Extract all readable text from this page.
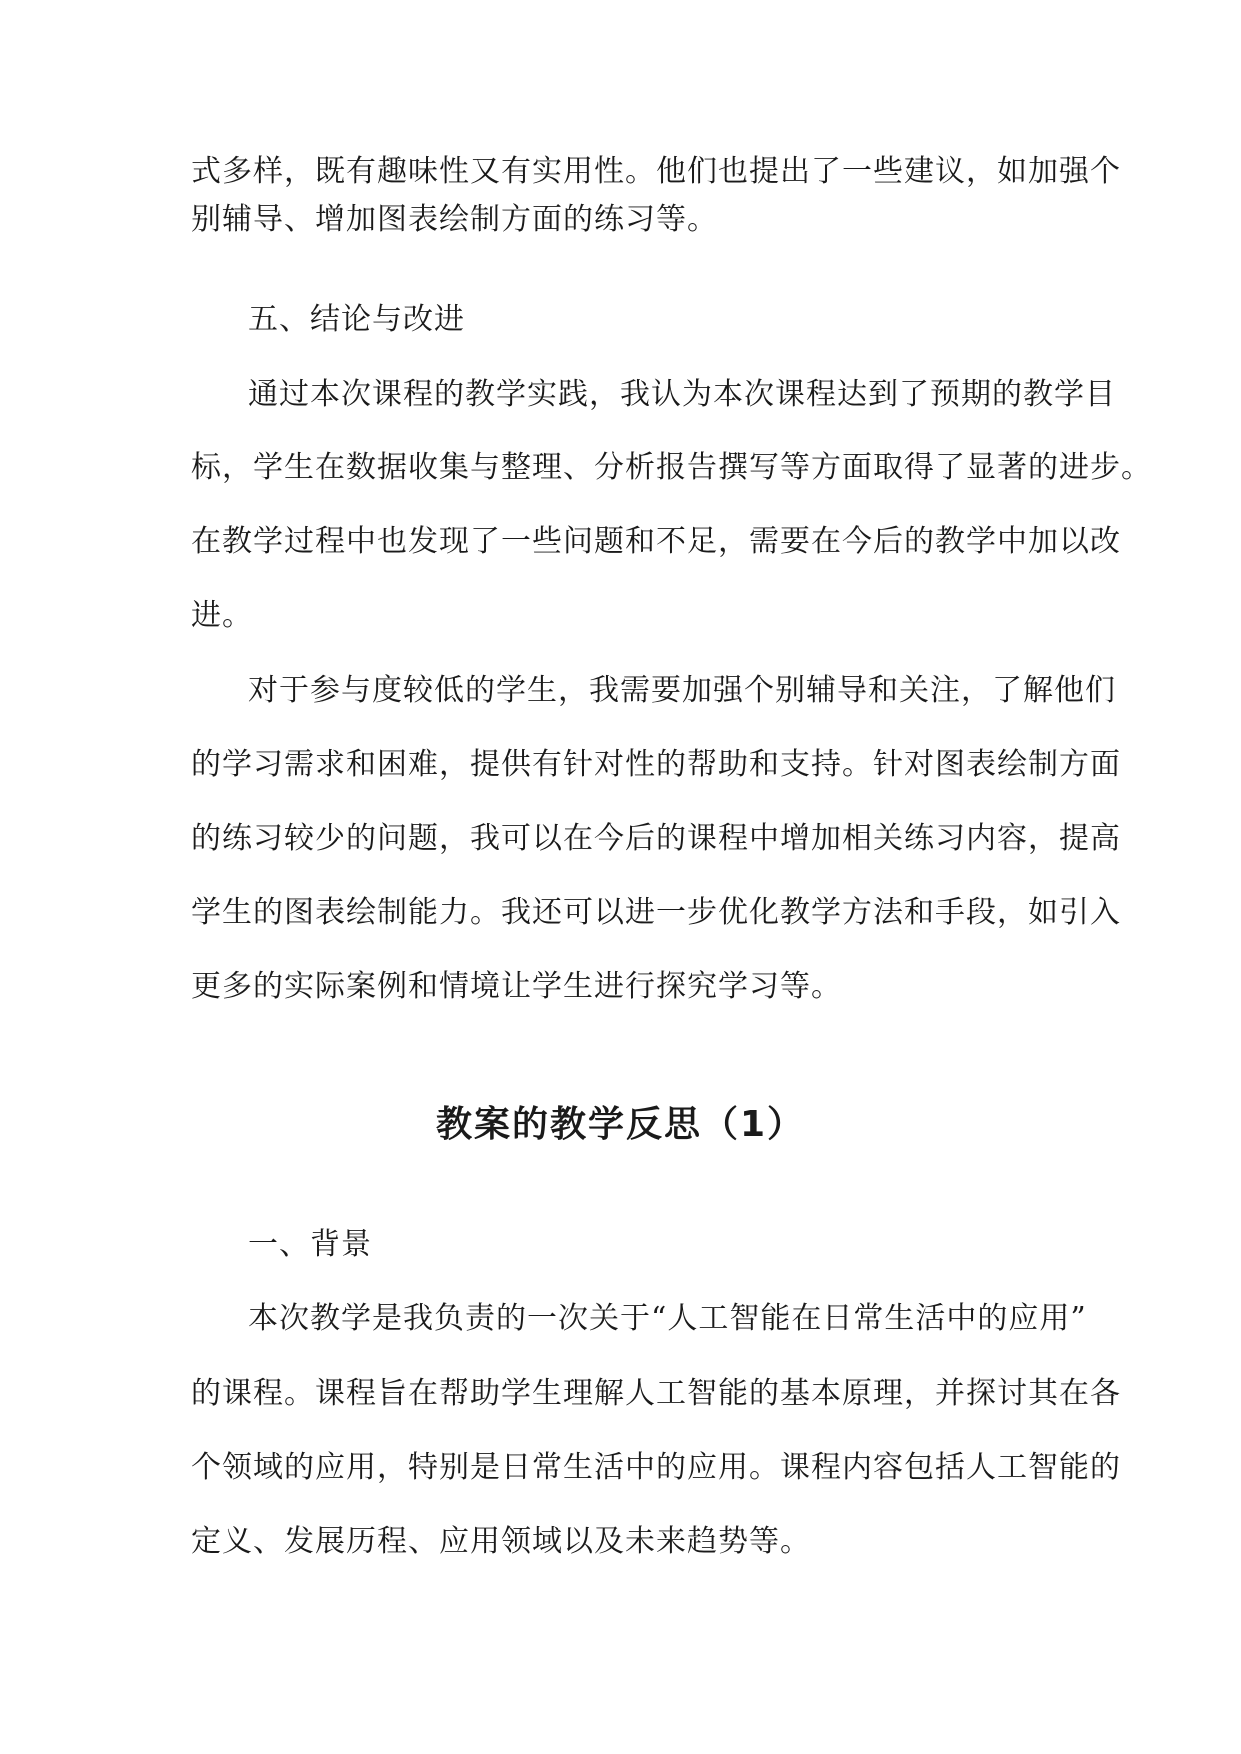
式多样，既有趣味性又有实用性。他们也提出了一些建议，如加强个
别辅导、增加图表绘制方面的练习等。
五、结论与改进
通过本次课程的教学实践，我认为本次课程达到了预期的教学目
标，学生在数据收集与整理、分析报告撰写等方面取得了显著的进步。
在教学过程中也发现了一些问题和不足，需要在今后的教学中加以改
进。
对于参与度较低的学生，我需要加强个别辅导和关注，了解他们
的学习需求和困难，提供有针对性的帮助和支持。针对图表绘制方面
的练习较少的问题，我可以在今后的课程中增加相关练习内容，提高
学生的图表绘制能力。我还可以进一步优化教学方法和手段，如引入
更多的实际案例和情境让学生进行探究学习等。
教案的教学反思（1）
一、背景
本次教学是我负责的一次关于“人工智能在日常生活中的应用”
的课程。课程旨在帮助学生理解人工智能的基本原理，并探讨其在各
个领域的应用，特别是日常生活中的应用。课程内容包括人工智能的
定义、发展历程、应用领域以及未来趋势等。
